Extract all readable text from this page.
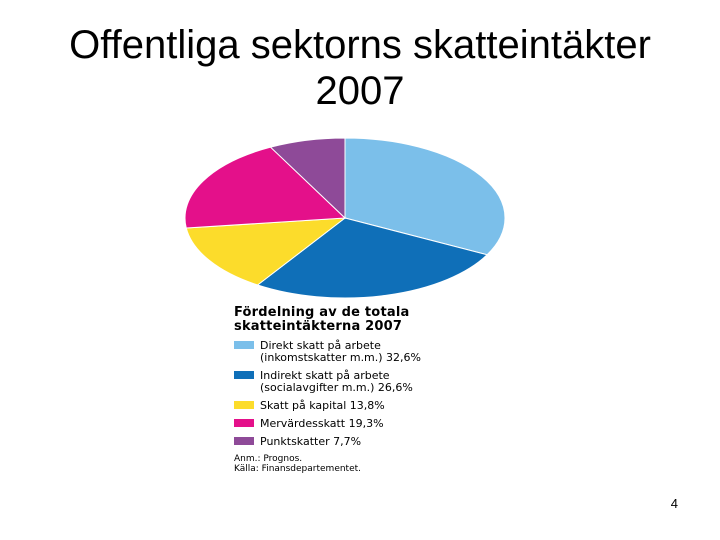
Offentliga sektorns skatteintäkter
2007
Fördelning av de totala
skatteintäkterna 2007
Direkt skatt på arbete
(inkomstskatter m.m.) 32,6%
Indirekt skatt på arbete
(socialavgifter m.m.) 26,6%
Skatt på kapital 13,8%
Mervärdesskatt 19,3%
Punktskatter 7,7%
Anm.: Prognos.
Källa: Finansdepartementet.
4
